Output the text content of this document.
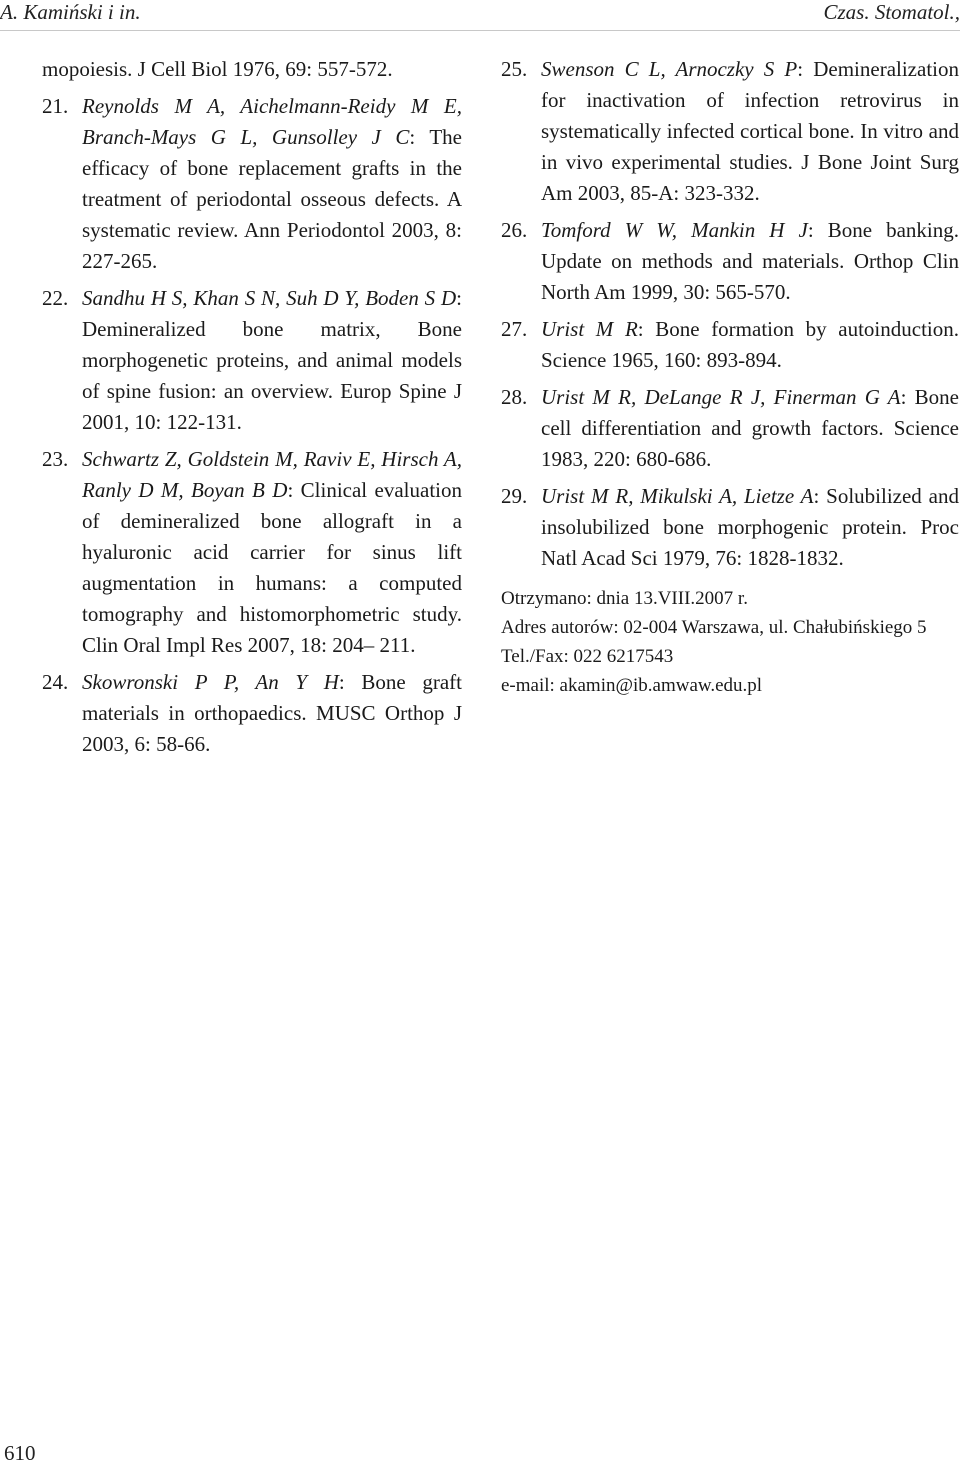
A. Kamiński i in.	Czas. Stomatol.,
mopoiesis. J Cell Biol 1976, 69: 557-572.
21. Reynolds M A, Aichelmann-Reidy M E, Branch-Mays G L, Gunsolley J C: The efficacy of bone replacement grafts in the treatment of periodontal osseous defects. A systematic review. Ann Periodontol 2003, 8: 227-265.
22. Sandhu H S, Khan S N, Suh D Y, Boden S D: Demineralized bone matrix, Bone morphogenetic proteins, and animal models of spine fusion: an overview. Europ Spine J 2001, 10: 122-131.
23. Schwartz Z, Goldstein M, Raviv E, Hirsch A, Ranly D M, Boyan B D: Clinical evaluation of demineralized bone allograft in a hyaluronic acid carrier for sinus lift augmentation in humans: a computed tomography and histomorphometric study. Clin Oral Impl Res 2007, 18: 204– 211.
24. Skowronski P P, An Y H: Bone graft materials in orthopaedics. MUSC Orthop J 2003, 6: 58-66.
25. Swenson C L, Arnoczky S P: Demineralization for inactivation of infection retrovirus in systematically infected cortical bone. In vitro and in vivo experimental studies. J Bone Joint Surg Am 2003, 85-A: 323-332.
26. Tomford W W, Mankin H J: Bone banking. Update on methods and materials. Orthop Clin North Am 1999, 30: 565-570.
27. Urist M R: Bone formation by autoinduction. Science 1965, 160: 893-894.
28. Urist M R, DeLange R J, Finerman G A: Bone cell differentiation and growth factors. Science 1983, 220: 680-686.
29. Urist M R, Mikulski A, Lietze A: Solubilized and insolubilized bone morphogenic protein. Proc Natl Acad Sci 1979, 76: 1828-1832.
Otrzymano: dnia 13.VIII.2007 r.
Adres autorów: 02-004 Warszawa, ul. Chałubińskiego 5
Tel./Fax: 022 6217543
e-mail: akamin@ib.amwaw.edu.pl
610
